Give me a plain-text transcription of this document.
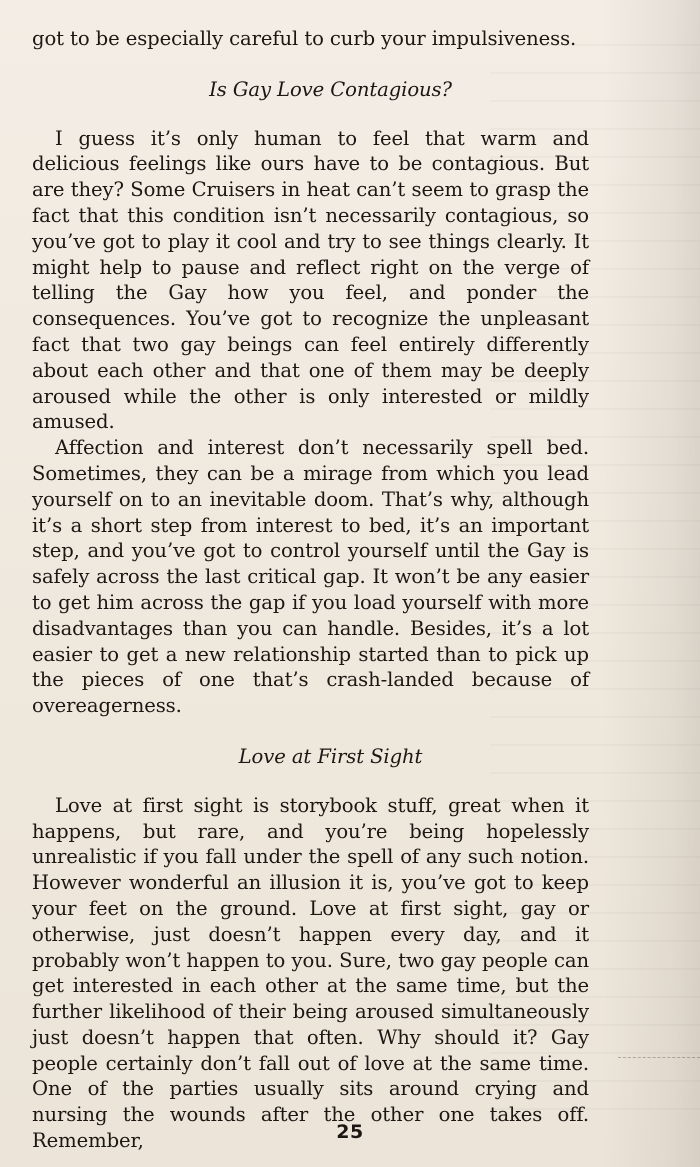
got to be especially careful to curb your impulsiveness.

Is Gay Love Contagious?

I guess it’s only human to feel that warm and delicious feelings like ours have to be contagious. But are they? Some Cruisers in heat can’t seem to grasp the fact that this condition isn’t necessarily contagious, so you’ve got to play it cool and try to see things clearly. It might help to pause and reflect right on the verge of telling the Gay how you feel, and ponder the consequences. You’ve got to recognize the unpleasant fact that two gay beings can feel entirely differently about each other and that one of them may be deeply aroused while the other is only interested or mildly amused.

Affection and interest don’t necessarily spell bed. Sometimes, they can be a mirage from which you lead yourself on to an inevitable doom. That’s why, although it’s a short step from interest to bed, it’s an important step, and you’ve got to control yourself until the Gay is safely across the last critical gap. It won’t be any easier to get him across the gap if you load yourself with more disadvantages than you can handle. Besides, it’s a lot easier to get a new relationship started than to pick up the pieces of one that’s crash-landed because of overeagerness.

Love at First Sight

Love at first sight is storybook stuff, great when it happens, but rare, and you’re being hopelessly unrealistic if you fall under the spell of any such notion. However wonderful an illusion it is, you’ve got to keep your feet on the ground. Love at first sight, gay or otherwise, just doesn’t happen every day, and it probably won’t happen to you. Sure, two gay people can get interested in each other at the same time, but the further likelihood of their being aroused simultaneously just doesn’t happen that often. Why should it? Gay people certainly don’t fall out of love at the same time. One of the parties usually sits around crying and nursing the wounds after the other one takes off. Remember,	25
